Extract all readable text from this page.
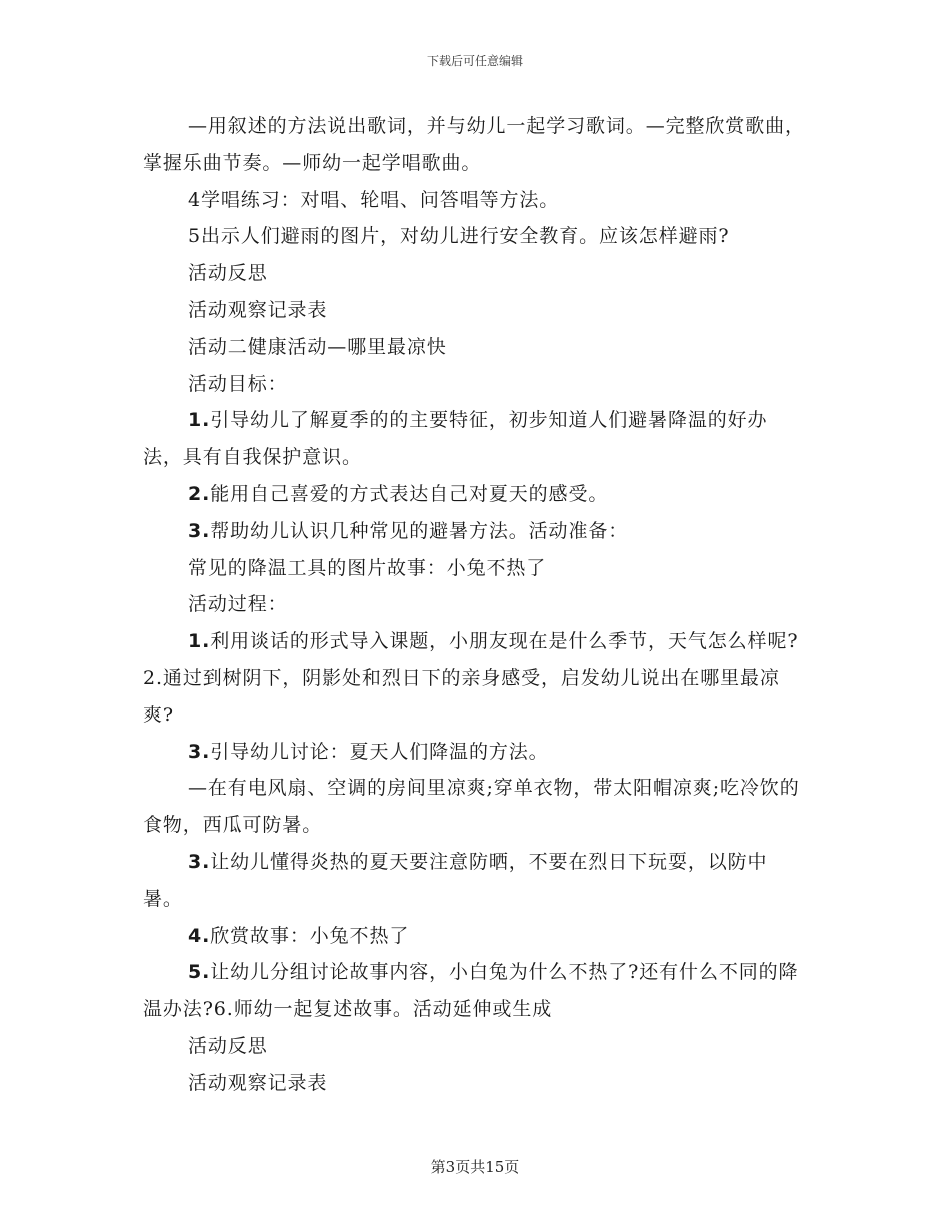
下载后可任意编辑

—用叙述的方法说出歌词，并与幼儿一起学习歌词。—完整欣赏歌曲，掌握乐曲节奏。—师幼一起学唱歌曲。

4学唱练习：对唱、轮唱、问答唱等方法。

5出示人们避雨的图片，对幼儿进行安全教育。应该怎样避雨?

活动反思

活动观察记录表

活动二健康活动—哪里最凉快

活动目标：

1.引导幼儿了解夏季的的主要特征，初步知道人们避暑降温的好办法，具有自我保护意识。

2.能用自己喜爱的方式表达自己对夏天的感受。

3.帮助幼儿认识几种常见的避暑方法。活动准备：

常见的降温工具的图片故事：小兔不热了

活动过程：

1.利用谈话的形式导入课题，小朋友现在是什么季节，天气怎么样呢?2.通过到树阴下，阴影处和烈日下的亲身感受，启发幼儿说出在哪里最凉爽?

3.引导幼儿讨论：夏天人们降温的方法。

—在有电风扇、空调的房间里凉爽;穿单衣物，带太阳帽凉爽;吃冷饮的食物，西瓜可防暑。

3.让幼儿懂得炎热的夏天要注意防晒，不要在烈日下玩耍，以防中暑。

4.欣赏故事：小兔不热了

5.让幼儿分组讨论故事内容，小白兔为什么不热了?还有什么不同的降温办法?6.师幼一起复述故事。活动延伸或生成

活动反思

活动观察记录表

第3页共15页
